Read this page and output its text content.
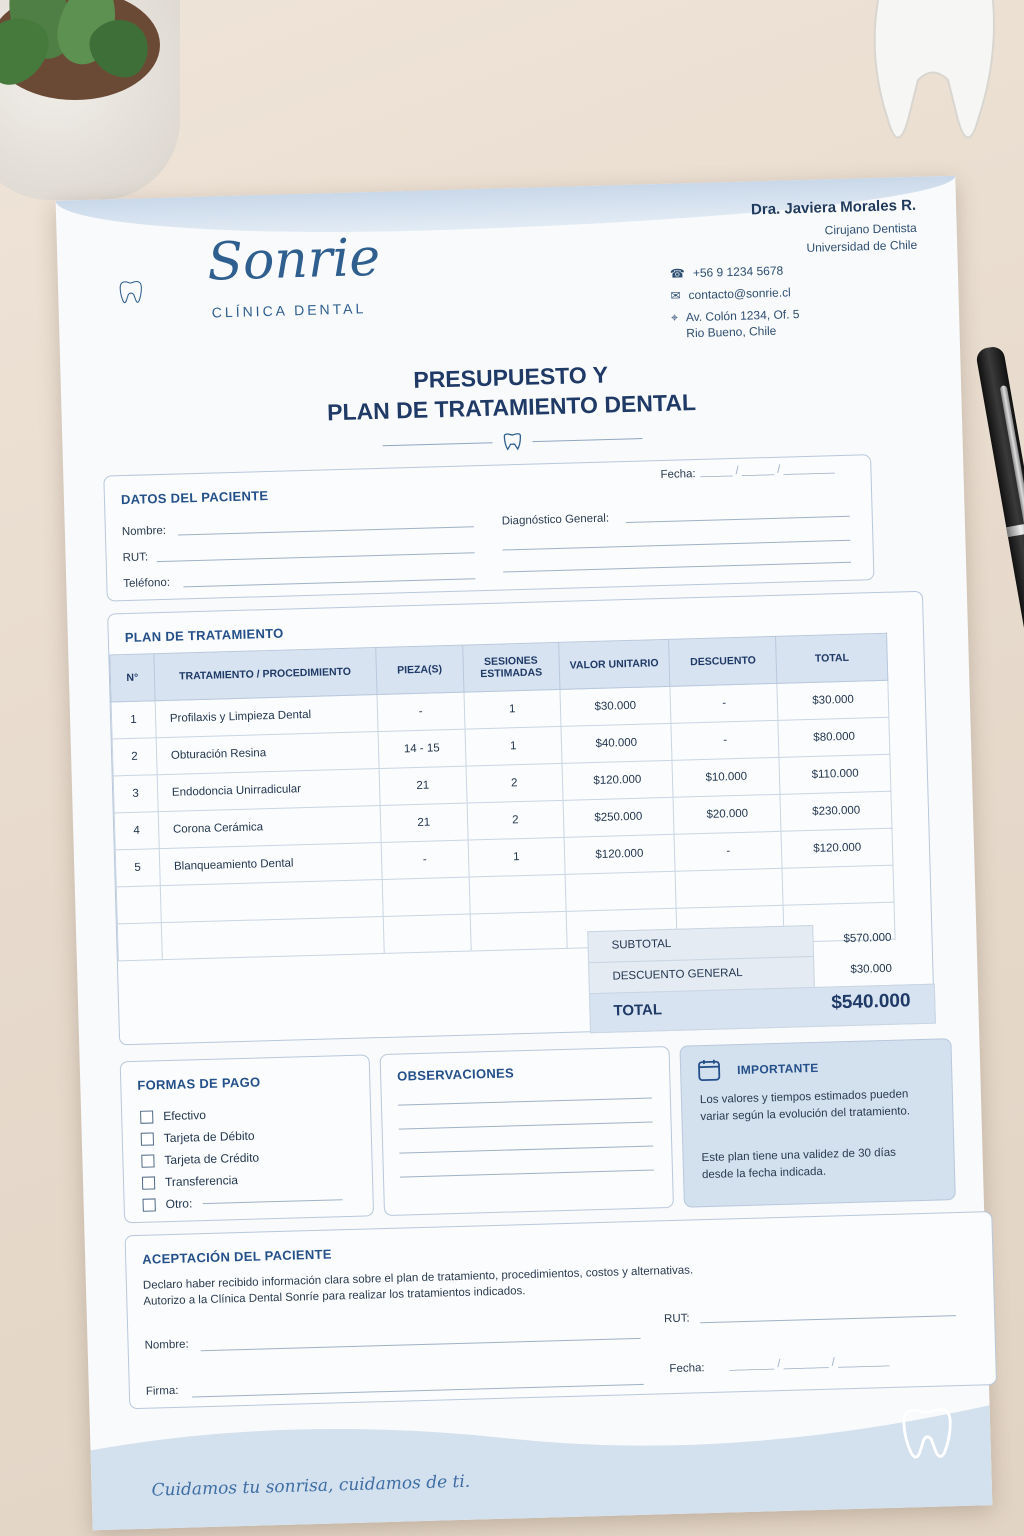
Sonrie
CLÍNICA DENTAL
Dra. Javiera Morales R.
Cirujano Dentista
Universidad de Chile
☎ +56 9 1234 5678
✉ contacto@sonrie.cl
⌖ Av. Colón 1234, Of. 5
Rio Bueno, Chile
PRESUPUESTO Y
PLAN DE TRATAMIENTO DENTAL
DATOS DEL PACIENTE
Fecha: _____ / _____ / ________
Nombre:
RUT:
Teléfono:
Diagnóstico General:
PLAN DE TRATAMIENTO
N°	TRATAMIENTO / PROCEDIMIENTO	PIEZA(S)	SESIONES ESTIMADAS	VALOR UNITARIO	DESCUENTO	TOTAL
1	Profilaxis y Limpieza Dental	-	1	$30.000	-	$30.000
2	Obturación Resina	14 - 15	1	$40.000	-	$80.000
3	Endodoncia Unirradicular	21	2	$120.000	$10.000	$110.000
4	Corona Cerámica	21	2	$250.000	$20.000	$230.000
5	Blanqueamiento Dental	-	1	$120.000	-	$120.000

SUBTOTAL	$570.000
DESCUENTO GENERAL	$30.000
TOTAL	$540.000
FORMAS DE PAGO
Efectivo
Tarjeta de Débito
Tarjeta de Crédito
Transferencia
Otro:
OBSERVACIONES	IMPORTANTE
Los valores y tiempos estimados pueden variar según la evolución del tratamiento.
Este plan tiene una validez de 30 días desde la fecha indicada.
ACEPTACIÓN DEL PACIENTE
Declaro haber recibido información clara sobre el plan de tratamiento, procedimientos, costos y alternativas.
Autorizo a la Clínica Dental Sonríe para realizar los tratamientos indicados.
Nombre:
RUT:
Fecha: _______ / _______ / ________
Firma:
Cuidamos tu sonrisa, cuidamos de ti.
